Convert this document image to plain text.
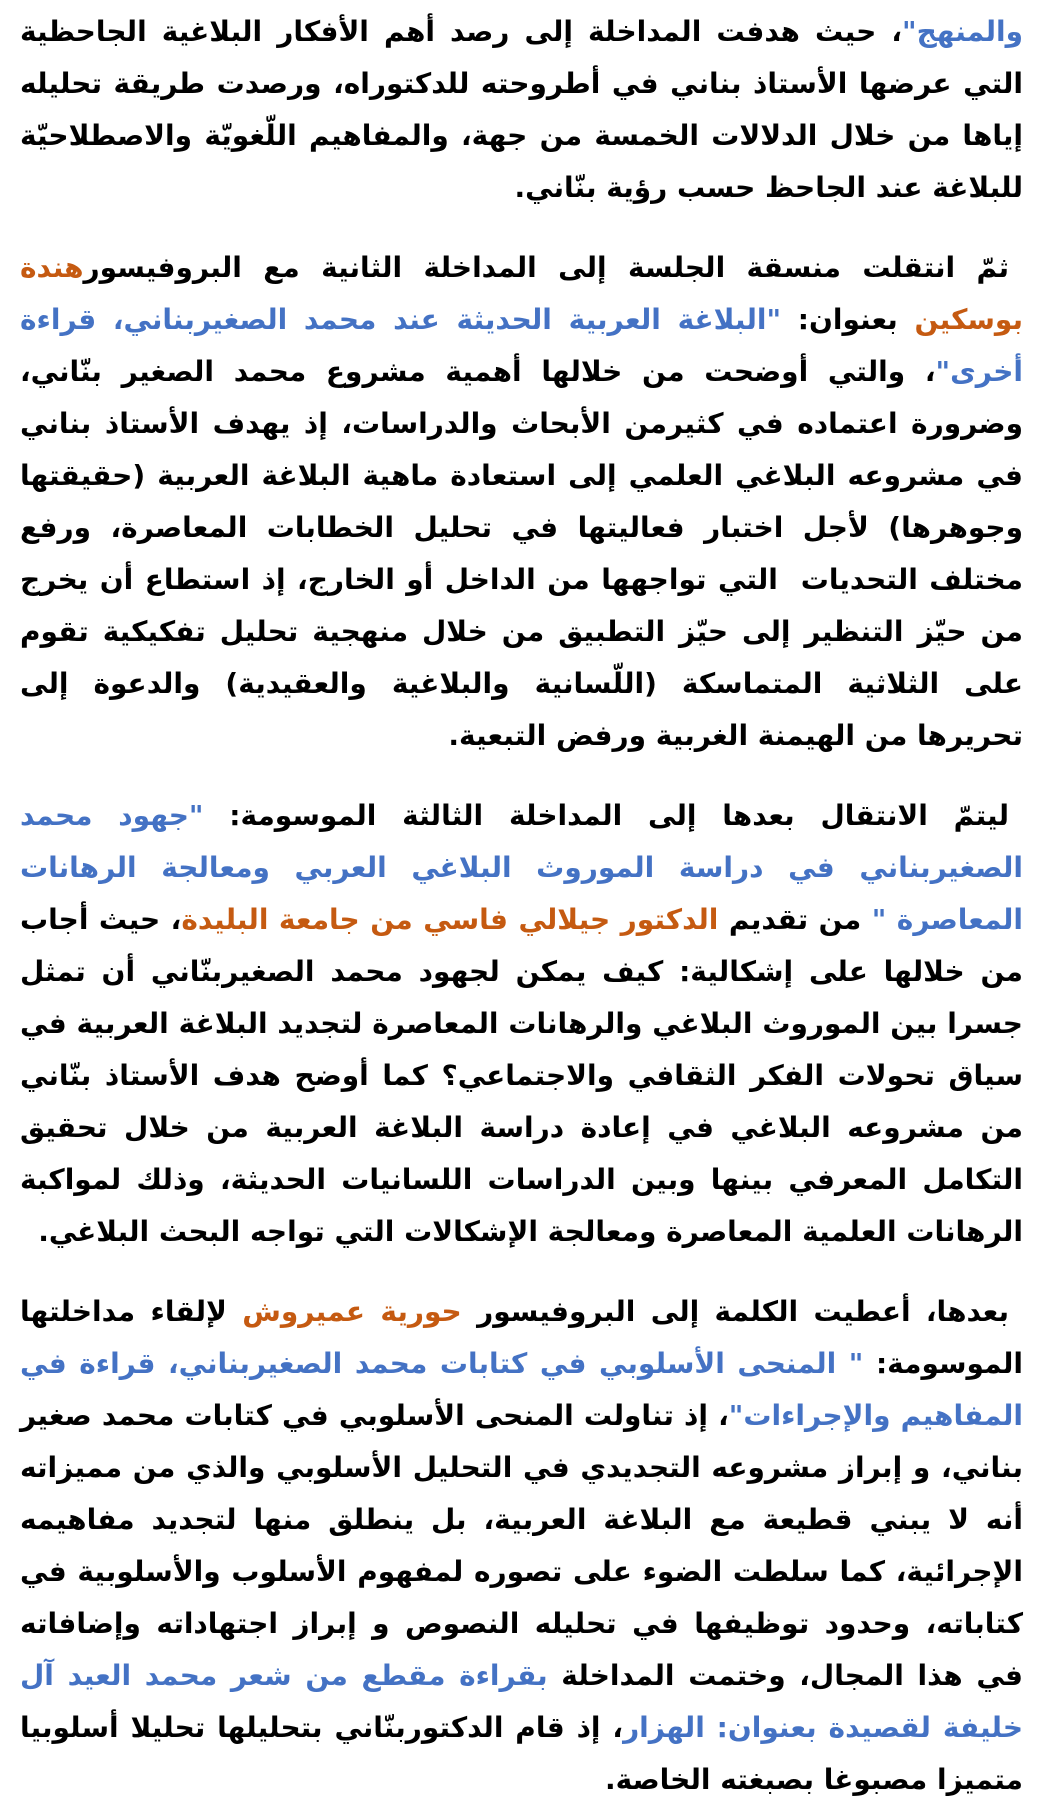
والمنهج"، حيث هدفت المداخلة إلى رصد أهم الأفكار البلاغية الجاحظية التي عرضها الأستاذ بناني في أطروحته للدكتوراه، ورصدت طريقة تحليله إياها من خلال الدلالات الخمسة من جهة، والمفاهيم اللّغويّة والاصطلاحيّة للبلاغة عند الجاحظ حسب رؤية بنّاني.

ثمّ انتقلت منسقة الجلسة إلى المداخلة الثانية مع البروفيسورهندة بوسكين بعنوان: "البلاغة العربية الحديثة عند محمد الصغيربناني، قراءة أخرى"، والتي أوضحت من خلالها أهمية مشروع محمد الصغير بنّاني، وضرورة اعتماده في كثيرمن الأبحاث والدراسات، إذ يهدف الأستاذ بناني في مشروعه البلاغي العلمي إلى استعادة ماهية البلاغة العربية (حقيقتها وجوهرها) لأجل اختبار فعاليتها في تحليل الخطابات المعاصرة، ورفع مختلف التحديات  التي تواجهها من الداخل أو الخارج، إذ استطاع أن يخرج من حيّز التنظير إلى حيّز التطبيق من خلال منهجية تحليل تفكيكية تقوم على الثلاثية المتماسكة (اللّسانية والبلاغية والعقيدية) والدعوة إلى تحريرها من الهيمنة الغربية ورفض التبعية.

ليتمّ الانتقال بعدها إلى المداخلة الثالثة الموسومة: "جهود محمد الصغيربناني في دراسة الموروث البلاغي العربي ومعالجة الرهانات المعاصرة " من تقديم الدكتور جيلالي فاسي من جامعة البليدة، حيث أجاب من خلالها على إشكالية: كيف يمكن لجهود محمد الصغيربنّاني أن تمثل جسرا بين الموروث البلاغي والرهانات المعاصرة لتجديد البلاغة العربية في سياق تحولات الفكر الثقافي والاجتماعي؟ كما أوضح هدف الأستاذ بنّاني من مشروعه البلاغي في إعادة دراسة البلاغة العربية من خلال تحقيق التكامل المعرفي بينها وبين الدراسات اللسانيات الحديثة، وذلك لمواكبة الرهانات العلمية المعاصرة ومعالجة الإشكالات التي تواجه البحث البلاغي.

بعدها، أعطيت الكلمة إلى البروفيسور حورية عميروش لإلقاء مداخلتها الموسومة: " المنحى الأسلوبي في كتابات محمد الصغيربناني، قراءة في المفاهيم والإجراءات"، إذ تناولت المنحى الأسلوبي في كتابات محمد صغير بناني، و إبراز مشروعه التجديدي في التحليل الأسلوبي والذي من مميزاته أنه لا يبني قطيعة مع البلاغة العربية، بل ينطلق منها لتجديد مفاهيمه الإجرائية، كما سلطت الضوء على تصوره لمفهوم الأسلوب والأسلوبية في كتاباته، وحدود توظيفها في تحليله النصوص و إبراز اجتهاداته وإضافاته في هذا المجال، وختمت المداخلة بقراءة مقطع من شعر محمد العيد آل خليفة لقصيدة بعنوان: الهزار، إذ قام الدكتوربنّاني بتحليلها تحليلا أسلوبيا متميزا مصبوغا بصبغته الخاصة.
